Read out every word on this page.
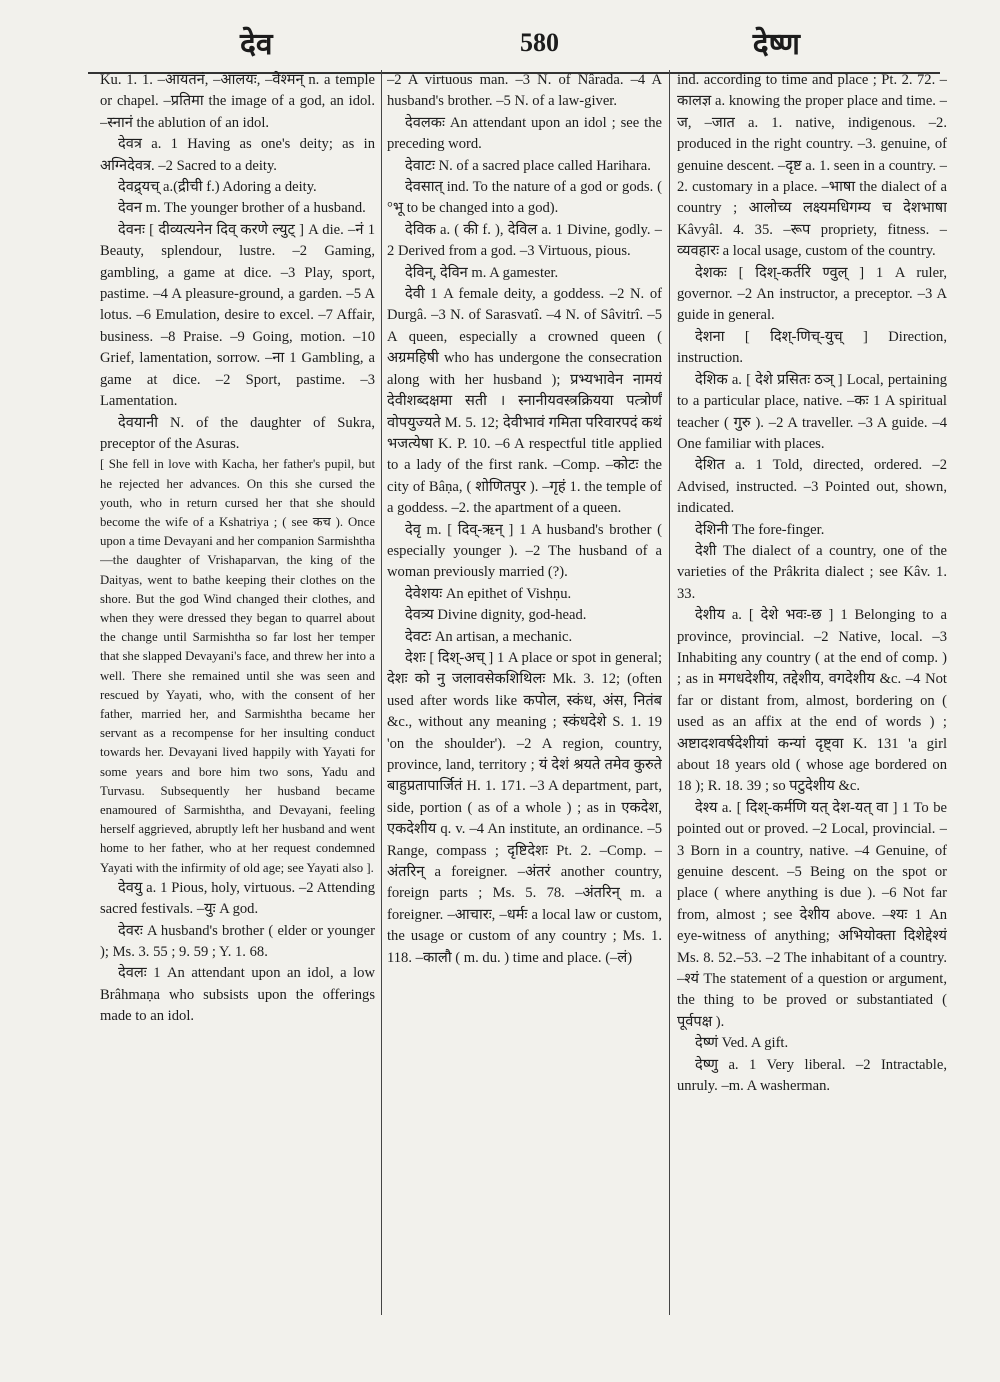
देव	580	देष्ण

Ku. 1. 1. –आयतनं, –आलयः, –वेश्मन् n. a temple or chapel. –प्रतिमा the image of a god, an idol. –स्नानं the ablution of an idol.

देवत्र a. 1 Having as one's deity; as in अग्निदेवत्र. –2 Sacred to a deity.

देवद्र्यच् a.(द्रीची f.) Adoring a deity.

देवन m. The younger brother of a husband.

देवनः [ दीव्यत्यनेन दिव् करणे ल्युट् ] A die. –नं 1 Beauty, splendour, lustre. –2 Gaming, gambling, a game at dice. –3 Play, sport, pastime. –4 A pleasure-ground, a garden. –5 A lotus. –6 Emulation, desire to excel. –7 Affair, business. –8 Praise. –9 Going, motion. –10 Grief, lamentation, sorrow. –ना 1 Gambling, a game at dice. –2 Sport, pastime. –3 Lamentation.

देवयानी N. of the daughter of Sukra, preceptor of the Asuras.

[ She fell in love with Kacha, her father's pupil, but he rejected her advances. On this she cursed the youth, who in return cursed her that she should become the wife of a Kshatriya ; ( see कच ). Once upon a time Devayani and her companion Sarmishtha—the daughter of Vrishaparvan, the king of the Daityas, went to bathe keeping their clothes on the shore. But the god Wind changed their clothes, and when they were dressed they began to quarrel about the change until Sarmishtha so far lost her temper that she slapped Devayani's face, and threw her into a well. There she remained until she was seen and rescued by Yayati, who, with the consent of her father, married her, and Sarmishtha became her servant as a recompense for her insulting conduct towards her. Devayani lived happily with Yayati for some years and bore him two sons, Yadu and Turvasu. Subsequently her husband became enamoured of Sarmishtha, and Devayani, feeling herself aggrieved, abruptly left her husband and went home to her father, who at her request condemned Yayati with the infirmity of old age; see Yayati also ].

देवयु a. 1 Pious, holy, virtuous. –2 Attending sacred festivals. –युः A god.

देवरः A husband's brother ( elder or younger ); Ms. 3. 55 ; 9. 59 ; Y. 1. 68.

देवलः 1 An attendant upon an idol, a low Brâhmaṇa who subsists upon the offerings made to an idol.

–2 A virtuous man. –3 N. of Nârada. –4 A husband's brother. –5 N. of a law-giver.

देवलकः An attendant upon an idol ; see the preceding word.

देवाटः N. of a sacred place called Harihara.

देवसात् ind. To the nature of a god or gods. ( °भू to be changed into a god).

देविक a. ( की f. ), देविल a. 1 Divine, godly. –2 Derived from a god. –3 Virtuous, pious.

देविन्, देविन m. A gamester.

देवी 1 A female deity, a goddess. –2 N. of Durgâ. –3 N. of Sarasvatî. –4 N. of Sâvitrî. –5 A queen, especially a crowned queen ( अग्रमहिषी who has undergone the consecration along with her husband ); प्रभ्यभावेन नामयं देवीशब्दक्षमा सती । स्नानीयवस्त्रक्रियया पत्त्रोर्णं वोपयुज्यते M. 5. 12; देवीभावं गमिता परिवारपदं कथं भजत्येषा K. P. 10. –6 A respectful title applied to a lady of the first rank. –Comp. –कोटः the city of Bâṇa, ( शोणितपुर ). –गृहं 1. the temple of a goddess. –2. the apartment of a queen.

देवृ m. [ दिव्-ऋन् ] 1 A husband's brother ( especially younger ). –2 The husband of a woman previously married (?).

देवेशयः An epithet of Vishṇu.

देवत्र्य Divine dignity, god-head.

देवटः An artisan, a mechanic.

देशः [ दिश्-अच् ] 1 A place or spot in general; देशः को नु जलावसेकशिथिलः Mk. 3. 12; (often used after words like कपोल, स्कंध, अंस, नितंब &c., without any meaning ; स्कंधदेशे S. 1. 19 'on the shoulder'). –2 A region, country, province, land, territory ; यं देशं श्रयते तमेव कुरुते बाहुप्रतापार्जितं H. 1. 171. –3 A department, part, side, portion ( as of a whole ) ; as in एकदेश, एकदेशीय q. v. –4 An institute, an ordinance. –5 Range, compass ; दृष्टिदेशः Pt. 2. –Comp. –अंतरिन् a foreigner. –अंतरं another country, foreign parts ; Ms. 5. 78. –अंतरिन् m. a foreigner. –आचारः, –धर्मः a local law or custom, the usage or custom of any country ; Ms. 1. 118. –कालौ ( m. du. ) time and place. (–लं)

ind. according to time and place ; Pt. 2. 72. –कालज्ञ a. knowing the proper place and time. –ज, –जात a. 1. native, indigenous. –2. produced in the right country. –3. genuine, of genuine descent. –दृष्ट a. 1. seen in a country. –2. customary in a place. –भाषा the dialect of a country ; आलोच्य लक्ष्यमधिगम्य च देशभाषा Kâvyâl. 4. 35. –रूप propriety, fitness. –व्यवहारः a local usage, custom of the country.

देशकः [ दिश्-कर्तरि ण्वुल् ] 1 A ruler, governor. –2 An instructor, a preceptor. –3 A guide in general.

देशना [ दिश्-णिच्-युच् ] Direction, instruction.

देशिक a. [ देशे प्रसितः ठञ् ] Local, pertaining to a particular place, native. –कः 1 A spiritual teacher ( गुरु ). –2 A traveller. –3 A guide. –4 One familiar with places.

देशित a. 1 Told, directed, ordered. –2 Advised, instructed. –3 Pointed out, shown, indicated.

देशिनी The fore-finger.

देशी The dialect of a country, one of the varieties of the Prâkrita dialect ; see Kâv. 1. 33.

देशीय a. [ देशे भवः-छ ] 1 Belonging to a province, provincial. –2 Native, local. –3 Inhabiting any country ( at the end of comp. ) ; as in मगधदेशीय, तद्देशीय, वगदेशीय &c. –4 Not far or distant from, almost, bordering on ( used as an affix at the end of words ) ; अष्टादशवर्षदेशीयां कन्यां दृष्ट्वा K. 131 'a girl about 18 years old ( whose age bordered on 18 ); R. 18. 39 ; so पटुदेशीय &c.

देश्य a. [ दिश्-कर्मणि यत् देश-यत् वा ] 1 To be pointed out or proved. –2 Local, provincial. –3 Born in a country, native. –4 Genuine, of genuine descent. –5 Being on the spot or place ( where anything is due ). –6 Not far from, almost ; see देशीय above. –श्यः 1 An eye-witness of anything; अभियोक्ता दिशेद्देश्यं Ms. 8. 52.–53. –2 The inhabitant of a country. –श्यं The statement of a question or argument, the thing to be proved or substantiated ( पूर्वपक्ष ).

देष्णं Ved. A gift.

देष्णु a. 1 Very liberal. –2 Intractable, unruly. –m. A washerman.
